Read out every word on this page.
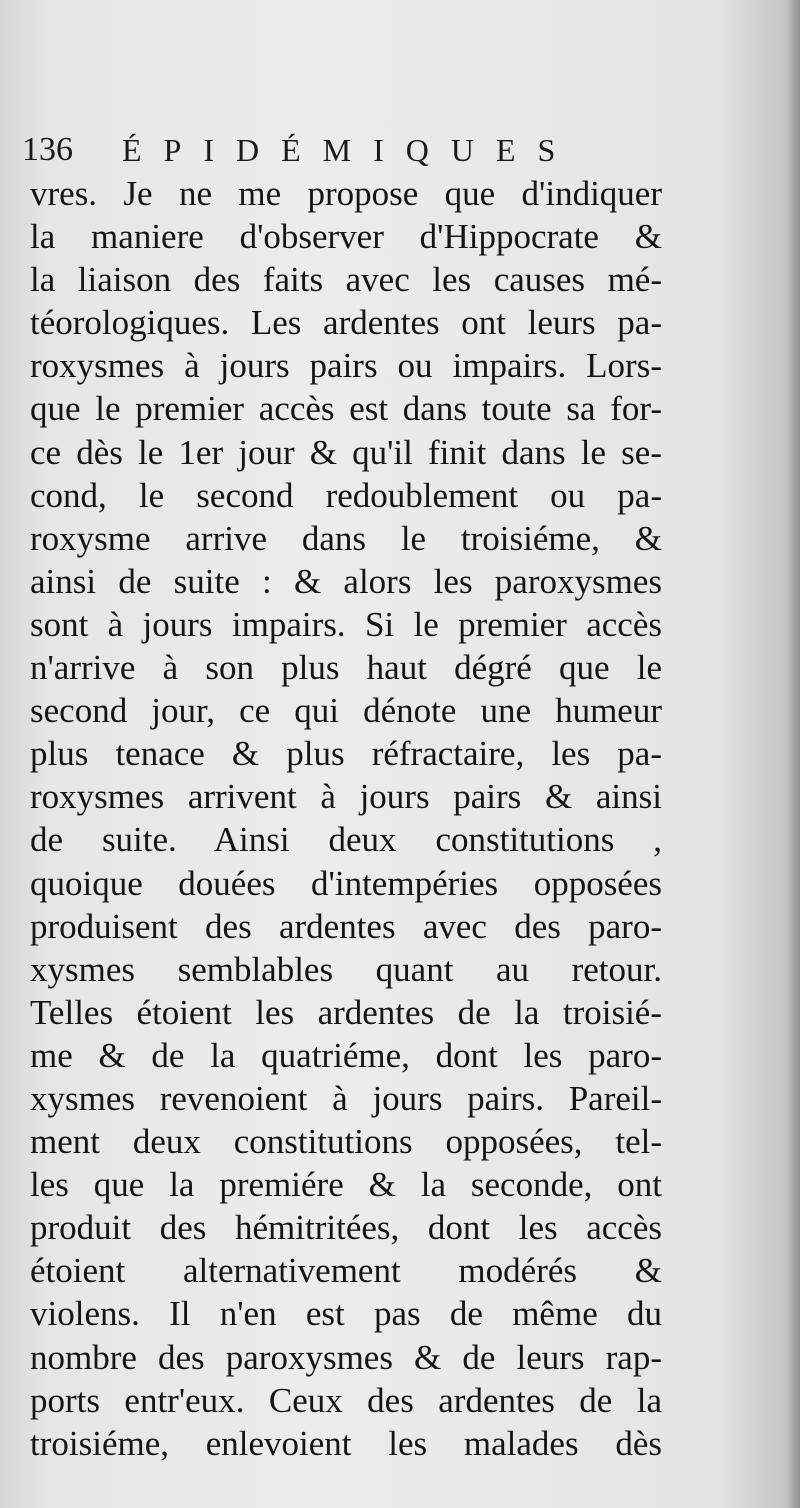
136 ÉPIDÉMIQUES
vres. Je ne me propose que d'indiquer
la maniere d'observer d'Hippocrate &
la liaison des faits avec les causes mé-
téorologiques. Les ardentes ont leurs pa-
roxysmes à jours pairs ou impairs. Lors-
que le premier accès est dans toute sa for-
ce dès le 1er jour & qu'il finit dans le se-
cond, le second redoublement ou pa-
roxysme arrive dans le troisiéme, &
ainsi de suite : & alors les paroxysmes
sont à jours impairs. Si le premier accès
n'arrive à son plus haut dégré que le
second jour, ce qui dénote une humeur
plus tenace & plus réfractaire, les pa-
roxysmes arrivent à jours pairs & ainsi
de suite. Ainsi deux constitutions ,
quoique douées d'intempéries opposées
produisent des ardentes avec des paro-
xysmes semblables quant au retour.
Telles étoient les ardentes de la troisié-
me & de la quatriéme, dont les paro-
xysmes revenoient à jours pairs. Pareil-
ment deux constitutions opposées, tel-
les que la premiére & la seconde, ont
produit des hémitritées, dont les accès
étoient alternativement modérés &
violens. Il n'en est pas de même du
nombre des paroxysmes & de leurs rap-
ports entr'eux. Ceux des ardentes de la
troisiéme, enlevoient les malades dès
